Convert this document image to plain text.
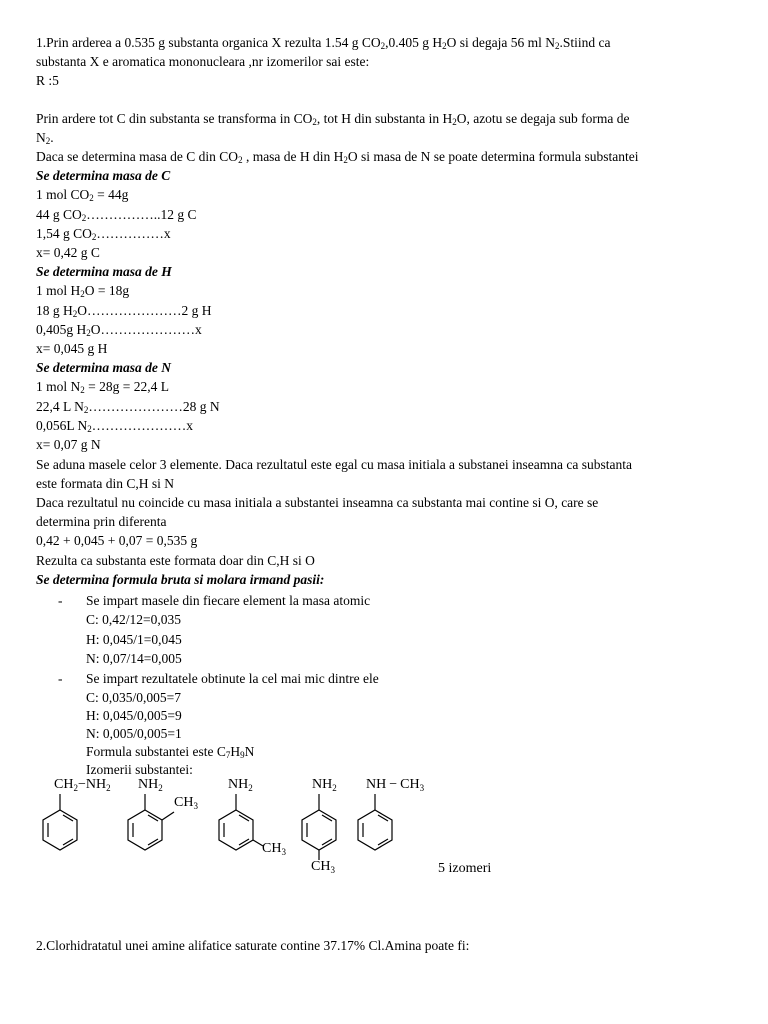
1.Prin arderea a 0.535 g substanta organica X rezulta 1.54 g $CO_2,0.405$ g $H_2O$ si degaja 56 ml $N_2.Stiind$ ca
substanta X e aromatica mononucleara ,nr izomerilor sai este:
R :5
Prin ardere tot C din substanta se transforma in $CO_2$, tot H din substanta in $H_2O$, azotu se degaja sub forma de
$N_2$.
Daca se determina masa de C din $CO_2$ , masa de H din $H_2O$ si masa de N se poate determina formula substantei
Se determina masa de C
1 mol $CO_2 = 44g$
44 g $CO_2\dots\dots\dots\dots\dots..12$ g C
1,54 g $CO_2\dots\dots\dots\dots\dots x$
x= 0,42 g C
Se determina masa de H
1 mol $H_2O = 18g$
18 g $H_2O\dots\dots\dots\dots\dots\dots\dots 2$ g H
0,405g $H_2O\dots\dots\dots\dots\dots\dots\dots x$
x= 0,045 g H
Se determina masa de N
1 mol $N_2 = 28g = 22,4$ L
22,4 L $N_2\dots\dots\dots\dots\dots\dots\dots 28$ g N
0,056L $N_2\dots\dots\dots\dots\dots\dots\dots x$
x= 0,07 g N
Se aduna masele celor 3 elemente. Daca rezultatul este egal cu masa initiala a substanei inseamna ca substanta
este formata din C,H si N
Daca rezultatul nu coincide cu masa initiala a substantei inseamna ca substanta mai contine si O, care se
determina prin diferenta
0,42 + 0,045 + 0,07 = 0,535 g
Rezulta ca substanta este formata doar din C,H si O
Se determina formula bruta si molara irmand pasii:
- Se impart masele din fiecare element la masa atomic
C: 0,42/12=0,035
H: 0,045/1=0,045
N: 0,07/14=0,005
- Se impart rezultatele obtinute la cel mai mic dintre ele
C: 0,035/0,005=7
H: 0,045/0,005=9
N: 0,005/0,005=1
Formula substantei este $C_7H_9N$
Izomerii substantei:
$CH_2-NH_2$ $NH_2$
$CH_3$
$NH_2$
$CH_3$
$NH_2$
$CH_3$
NH − $CH_3$
5 izomeri
2.Clorhidratatul unei amine alifatice saturate contine 37.17% Cl.Amina poate fi:
